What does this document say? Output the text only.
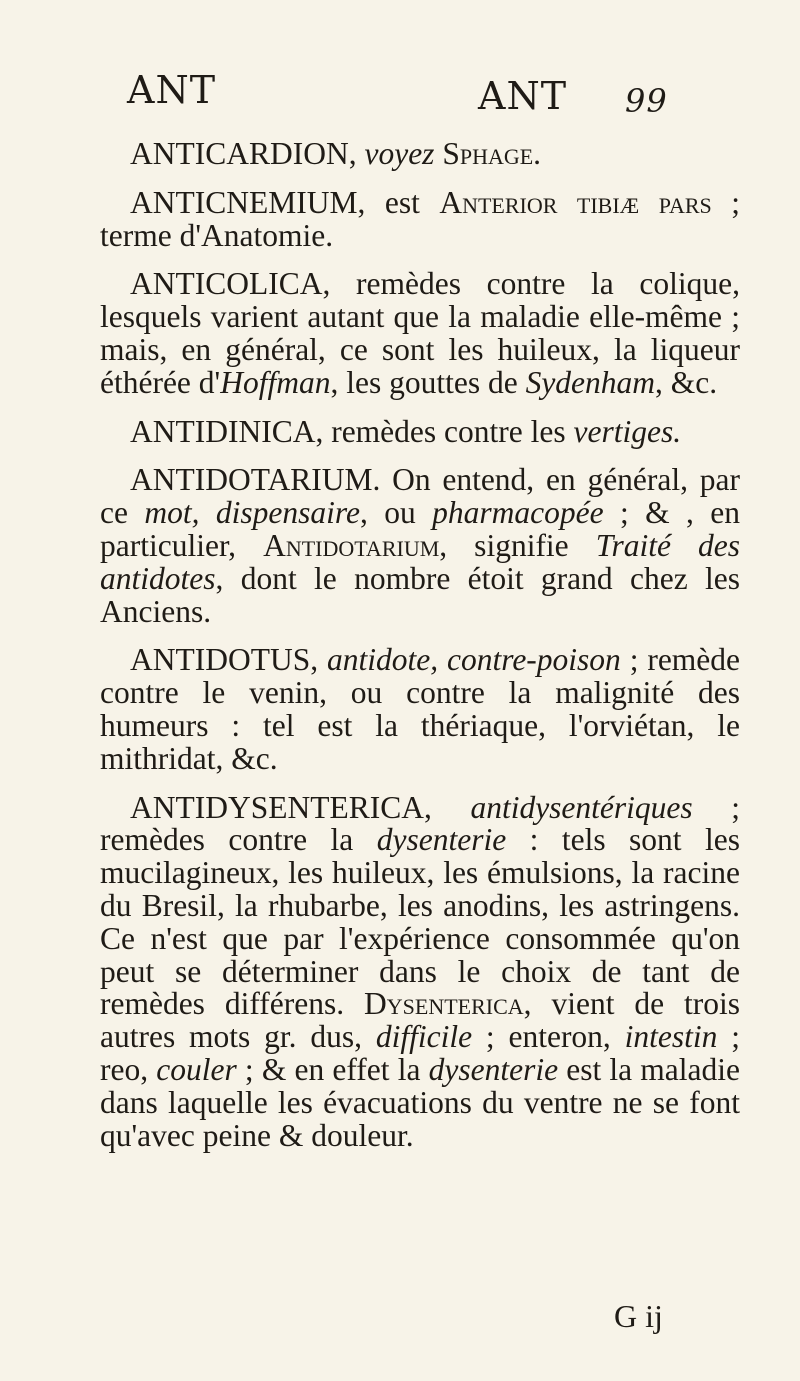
ANT	ANT 99

ANTICARDION, voyez Sphage.

ANTICNEMIUM, est Anterior tibiæ pars ; terme d'Anatomie.

ANTICOLICA, remèdes contre la colique, lesquels varient autant que la maladie elle-même ; mais, en général, ce sont les huileux, la liqueur éthérée d'Hoffman, les gouttes de Sydenham, &c.

ANTIDINICA, remèdes contre les vertiges.

ANTIDOTARIUM. On entend, en général, par ce mot, dispensaire, ou pharmacopée ; & , en particulier, Antidotarium, signifie Traité des antidotes, dont le nombre étoit grand chez les Anciens.

ANTIDOTUS, antidote, contre-poison ; remède contre le venin, ou contre la malignité des humeurs : tel est la thériaque, l'orviétan, le mithridat, &c.

ANTIDYSENTERICA, antidysentériques ; remèdes contre la dysenterie : tels sont les mucilagineux, les huileux, les émulsions, la racine du Bresil, la rhubarbe, les anodins, les astringens. Ce n'est que par l'expérience consommée qu'on peut se déterminer dans le choix de tant de remèdes différens. Dysenterica, vient de trois autres mots gr. dus, difficile ; enteron, intestin ; reo, couler ; & en effet la dysenterie est la maladie dans laquelle les évacuations du ventre ne se font qu'avec peine & douleur.

G ij
